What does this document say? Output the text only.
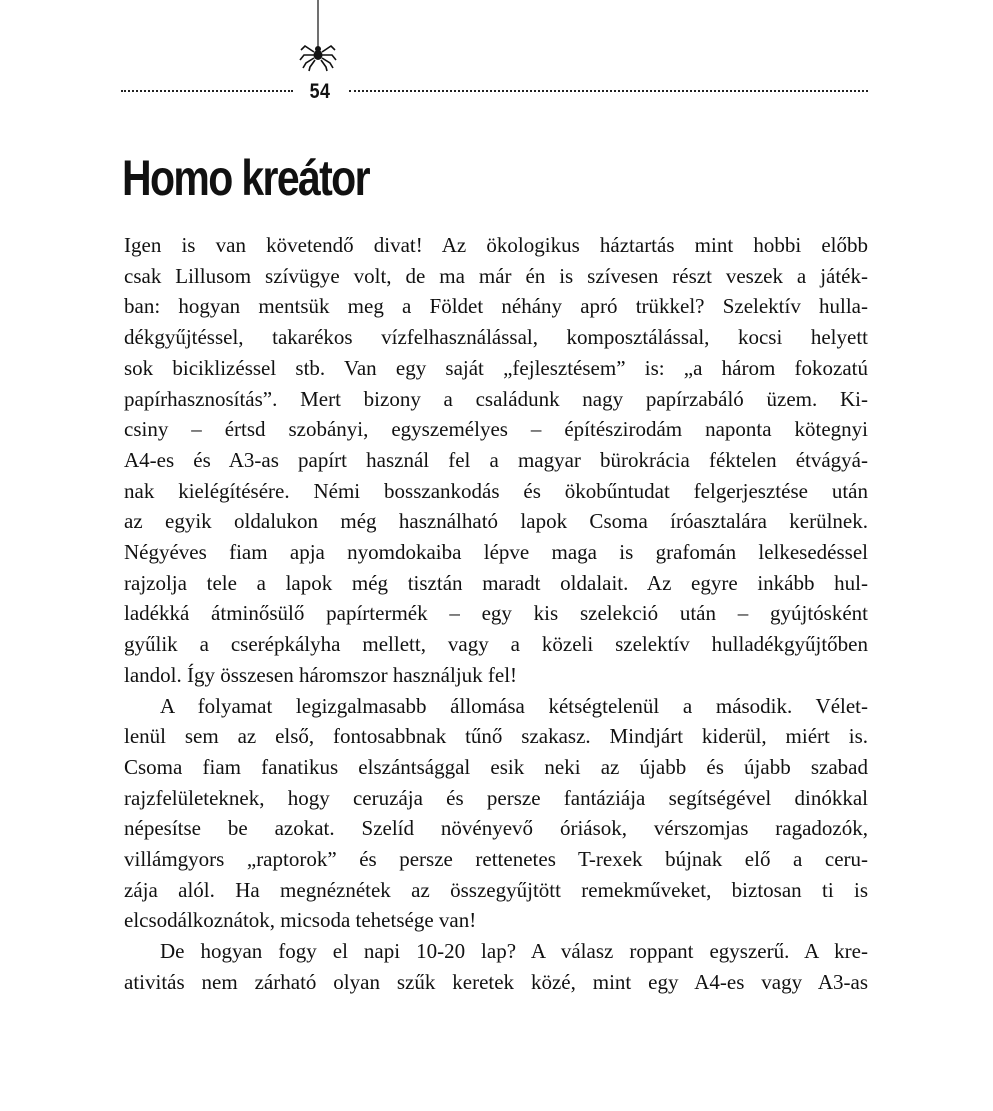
54
Homo kreátor

Igen is van követendő divat! Az ökologikus háztartás mint hobbi előbb
csak Lillusom szívügye volt, de ma már én is szívesen részt veszek a játék-
ban: hogyan mentsük meg a Földet néhány apró trükkel? Szelektív hulla-
dékgyűjtéssel, takarékos vízfelhasználással, komposztálással, kocsi helyett
sok biciklizéssel stb. Van egy saját „fejlesztésem” is: „a három fokozatú
papírhasznosítás”. Mert bizony a családunk nagy papírzabáló üzem. Ki-
csiny – értsd szobányi, egyszemélyes – építészirodám naponta kötegnyi
A4-es és A3-as papírt használ fel a magyar bürokrácia féktelen étvágyá-
nak kielégítésére. Némi bosszankodás és ökobűntudat felgerjesztése után
az egyik oldalukon még használható lapok Csoma íróasztalára kerülnek.
Négyéves fiam apja nyomdokaiba lépve maga is grafomán lelkesedéssel
rajzolja tele a lapok még tisztán maradt oldalait. Az egyre inkább hul-
ladékká átminősülő papírtermék – egy kis szelekció után – gyújtósként
gyűlik a cserépkályha mellett, vagy a közeli szelektív hulladékgyűjtőben
landol. Így összesen háromszor használjuk fel!

A folyamat legizgalmasabb állomása kétségtelenül a második. Vélet-
lenül sem az első, fontosabbnak tűnő szakasz. Mindjárt kiderül, miért is.
Csoma fiam fanatikus elszántsággal esik neki az újabb és újabb szabad
rajzfelületeknek, hogy ceruzája és persze fantáziája segítségével dinókkal
népesítse be azokat. Szelíd növényevő óriások, vérszomjas ragadozók,
villámgyors „raptorok” és persze rettenetes T-rexek bújnak elő a ceru-
zája alól. Ha megnéznétek az összegyűjtött remekműveket, biztosan ti is
elcsodálkoznátok, micsoda tehetsége van!

De hogyan fogy el napi 10-20 lap? A válasz roppant egyszerű. A kre-
ativitás nem zárható olyan szűk keretek közé, mint egy A4-es vagy A3-as
